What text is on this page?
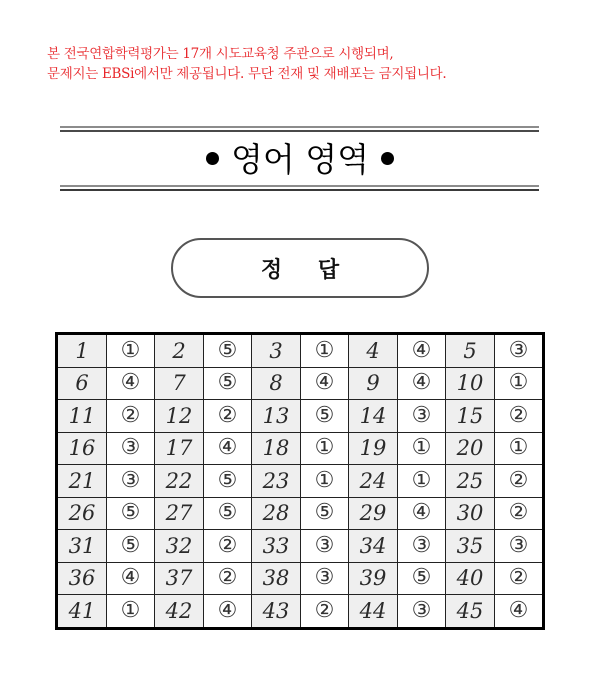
본 전국연합학력평가는 17개 시도교육청 주관으로 시행되며,
문제지는 EBSi에서만 제공됩니다. 무단 전재 및 재배포는 금지됩니다.
영어 영역
정 답
1	①	2	⑤	3	①	4	④	5	③
6	④	7	⑤	8	④	9	④	10	①
11	②	12	②	13	⑤	14	③	15	②
16	③	17	④	18	①	19	①	20	①
21	③	22	⑤	23	①	24	①	25	②
26	⑤	27	⑤	28	⑤	29	④	30	②
31	⑤	32	②	33	③	34	③	35	③
36	④	37	②	38	③	39	⑤	40	②
41	①	42	④	43	②	44	③	45	④
